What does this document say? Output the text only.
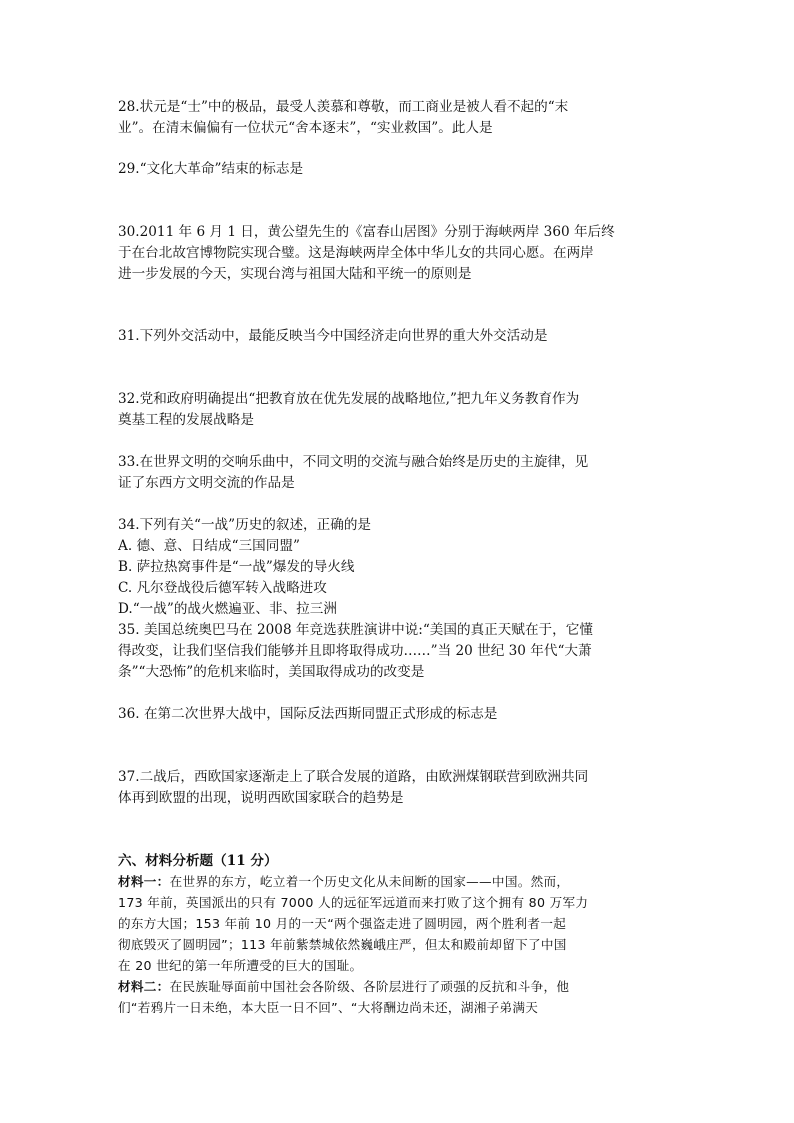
28.状元是“士”中的极品，最受人羡慕和尊敬，而工商业是被人看不起的“末
业”。在清末偏偏有一位状元“舍本逐末”，“实业救国”。此人是
29.“文化大革命”结束的标志是
30.2011 年 6 月 1 日，黄公望先生的《富春山居图》分别于海峡两岸 360 年后终
于在台北故宫博物院实现合璧。这是海峡两岸全体中华儿女的共同心愿。在两岸
进一步发展的今天，实现台湾与祖国大陆和平统一的原则是
31.下列外交活动中，最能反映当今中国经济走向世界的重大外交活动是
32.党和政府明确提出“把教育放在优先发展的战略地位,”把九年义务教育作为
奠基工程的发展战略是
33.在世界文明的交响乐曲中，不同文明的交流与融合始终是历史的主旋律，见
证了东西方文明交流的作品是
34.下列有关“一战”历史的叙述，正确的是
A. 德、意、日结成“三国同盟”
B. 萨拉热窝事件是“一战”爆发的导火线
C. 凡尔登战役后德军转入战略进攻
D.“一战”的战火燃遍亚、非、拉三洲
35. 美国总统奥巴马在 2008 年竞选获胜演讲中说:“美国的真正天赋在于，它懂
得改变，让我们坚信我们能够并且即将取得成功……”当 20 世纪 30 年代“大萧
条”“大恐怖”的危机来临时，美国取得成功的改变是
36. 在第二次世界大战中，国际反法西斯同盟正式形成的标志是
37.二战后，西欧国家逐渐走上了联合发展的道路，由欧洲煤钢联营到欧洲共同
体再到欧盟的出现，说明西欧国家联合的趋势是
六、材料分析题（11 分）
材料一：在世界的东方，屹立着一个历史文化从未间断的国家——中国。然而，
173 年前，英国派出的只有 7000 人的远征军远道而来打败了这个拥有 80 万军力
的东方大国；153 年前 10 月的一天“两个强盗走进了圆明园，两个胜利者一起
彻底毁灭了圆明园”；113 年前紫禁城依然巍峨庄严，但太和殿前却留下了中国
在 20 世纪的第一年所遭受的巨大的国耻。
材料二：在民族耻辱面前中国社会各阶级、各阶层进行了顽强的反抗和斗争，他
们“若鸦片一日未绝，本大臣一日不回”、“大将酬边尚未还，湖湘子弟满天
